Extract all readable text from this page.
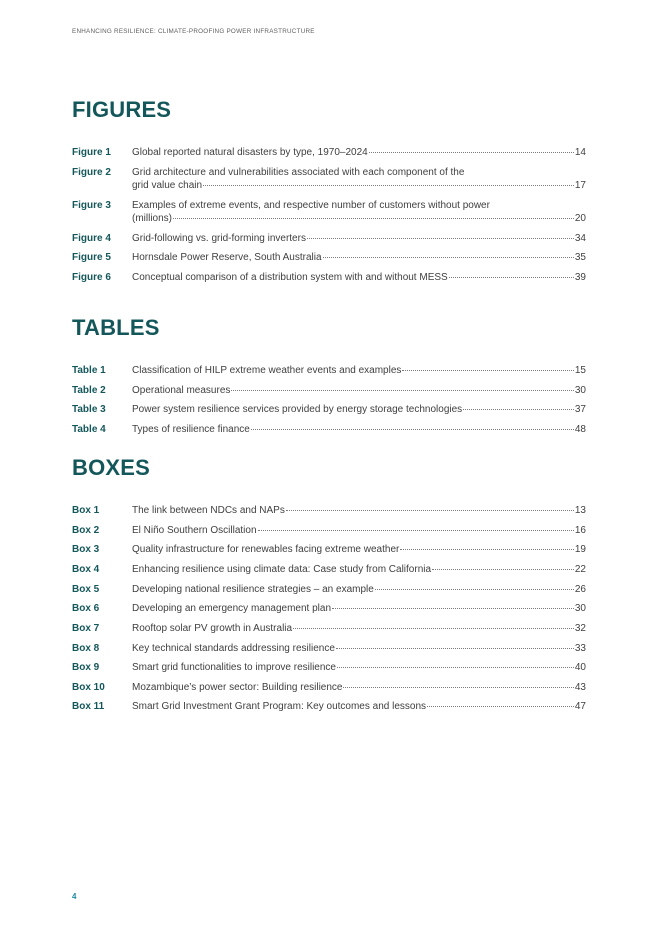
ENHANCING RESILIENCE: CLIMATE-PROOFING POWER INFRASTRUCTURE
FIGURES
Figure 1 Global reported natural disasters by type, 1970–2024	14
Figure 2 Grid architecture and vulnerabilities associated with each component of the
grid value chain	17
Figure 3 Examples of extreme events, and respective number of customers without power
(millions)	20
Figure 4 Grid-following vs. grid-forming inverters	34
Figure 5 Hornsdale Power Reserve, South Australia	35
Figure 6 Conceptual comparison of a distribution system with and without MESS	39
TABLES
Table 1	Classification of HILP extreme weather events and examples	15
Table 2	Operational measures	30
Table 3	Power system resilience services provided by energy storage technologies	37
Table 4	Types of resilience finance	48
BOXES
Box 1	The link between NDCs and NAPs	13
Box 2	El Niño Southern Oscillation	16
Box 3	Quality infrastructure for renewables facing extreme weather	19
Box 4	Enhancing resilience using climate data: Case study from California	22
Box 5	Developing national resilience strategies – an example	26
Box 6	Developing an emergency management plan	30
Box 7	Rooftop solar PV growth in Australia	32
Box 8	Key technical standards addressing resilience	33
Box 9	Smart grid functionalities to improve resilience	40
Box 10	Mozambique’s power sector: Building resilience	43
Box 11	Smart Grid Investment Grant Program: Key outcomes and lessons	47
4
